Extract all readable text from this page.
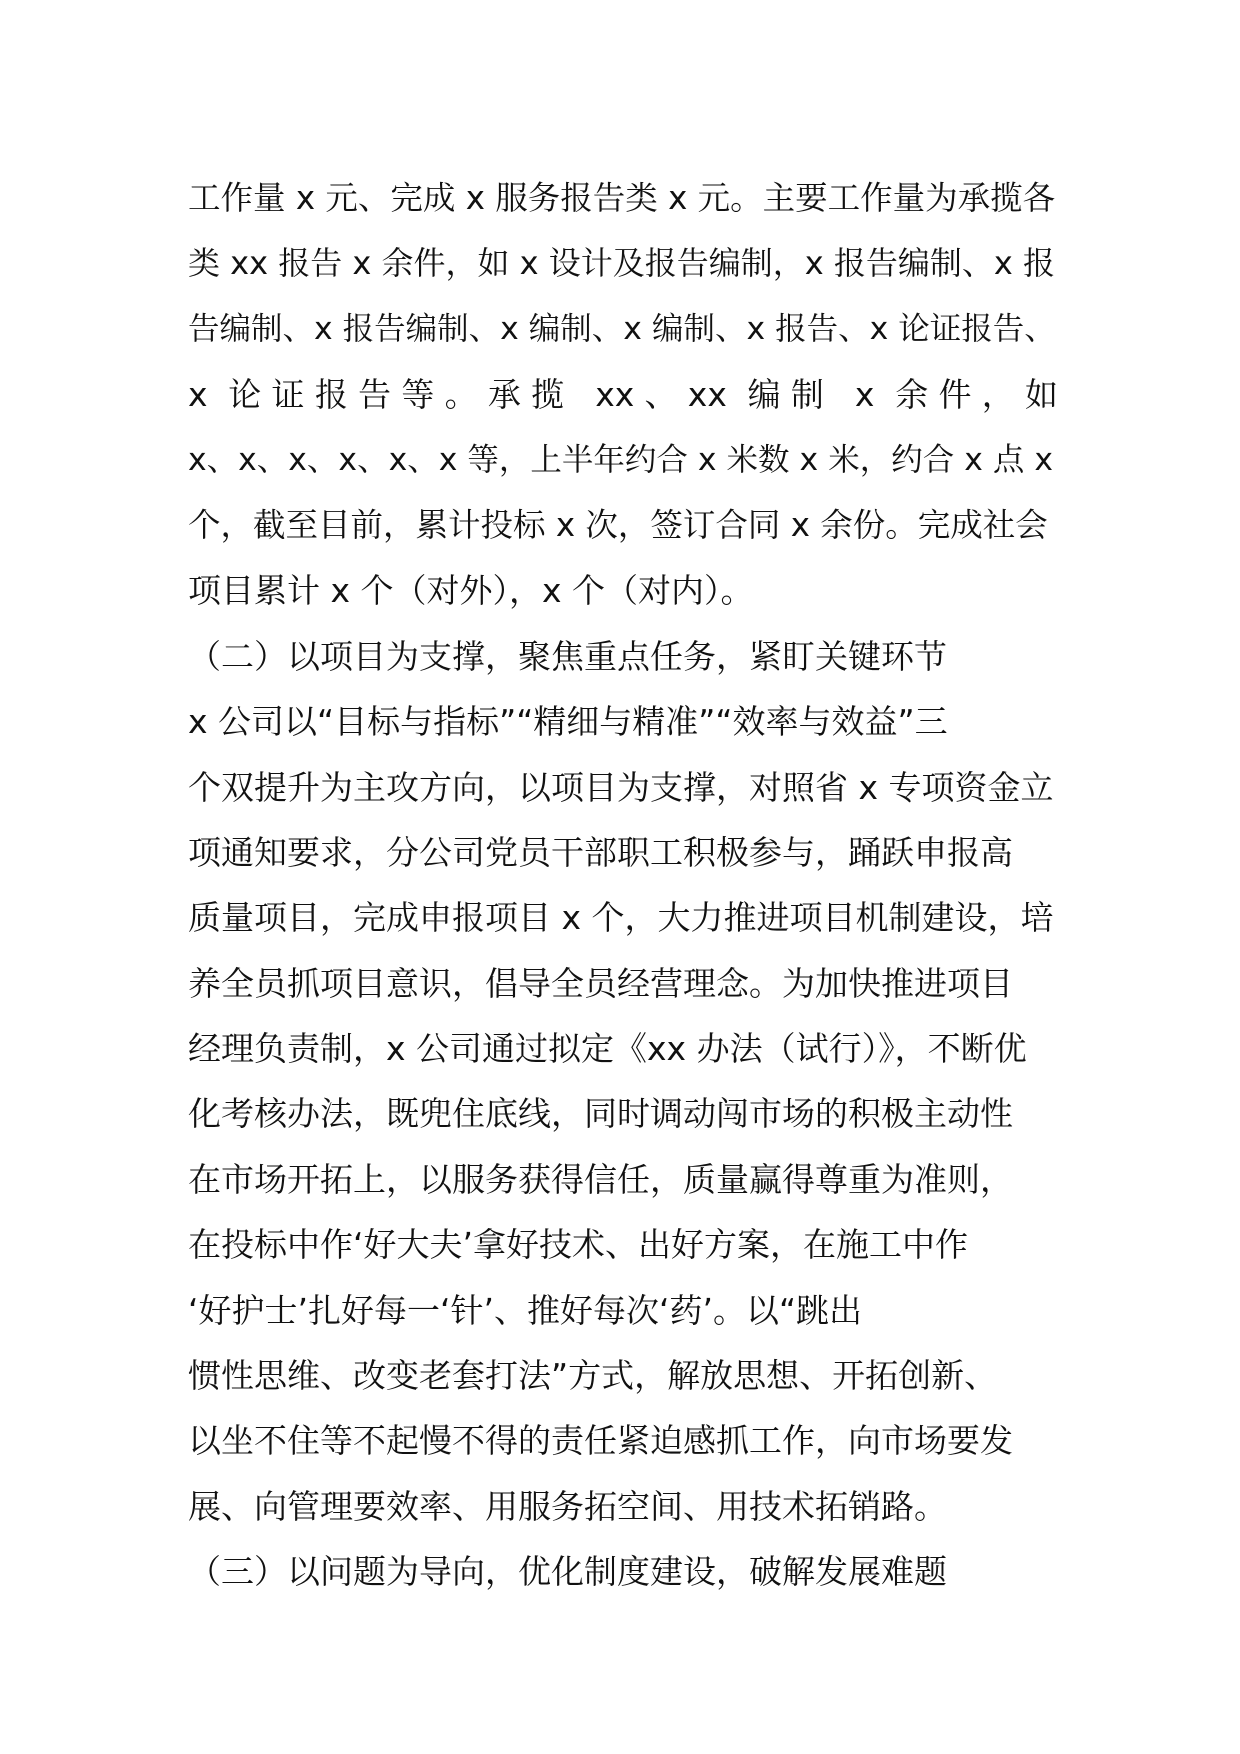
工作量 x 元、完成 x 服务报告类 x 元。主要工作量为承揽各
类 xx 报告 x 余件，如 x 设计及报告编制，x 报告编制、x 报
告编制、x 报告编制、x 编制、x 编制、x 报告、x 论证报告、
x 论证报告等。承揽 xx、xx 编制 x 余件，如
x、x、x、x、x、x 等，上半年约合 x 米数 x 米，约合 x 点 x
个，截至目前，累计投标 x 次，签订合同 x 余份。完成社会
项目累计 x 个（对外），x 个（对内）。
（二）以项目为支撑，聚焦重点任务，紧盯关键环节
x 公司以“目标与指标”“精细与精准”“效率与效益”三
个双提升为主攻方向，以项目为支撑，对照省 x 专项资金立
项通知要求，分公司党员干部职工积极参与，踊跃申报高
质量项目，完成申报项目 x 个，大力推进项目机制建设，培
养全员抓项目意识，倡导全员经营理念。为加快推进项目
经理负责制，x 公司通过拟定《xx 办法（试行）》，不断优
化考核办法，既兜住底线，同时调动闯市场的积极主动性
在市场开拓上，以服务获得信任，质量赢得尊重为准则，
在投标中作‘好大夫’拿好技术、出好方案，在施工中作
‘好护士’扎好每一‘针’、推好每次‘药’。以“跳出
惯性思维、改变老套打法”方式，解放思想、开拓创新、
以坐不住等不起慢不得的责任紧迫感抓工作，向市场要发
展、向管理要效率、用服务拓空间、用技术拓销路。
（三）以问题为导向，优化制度建设，破解发展难题
